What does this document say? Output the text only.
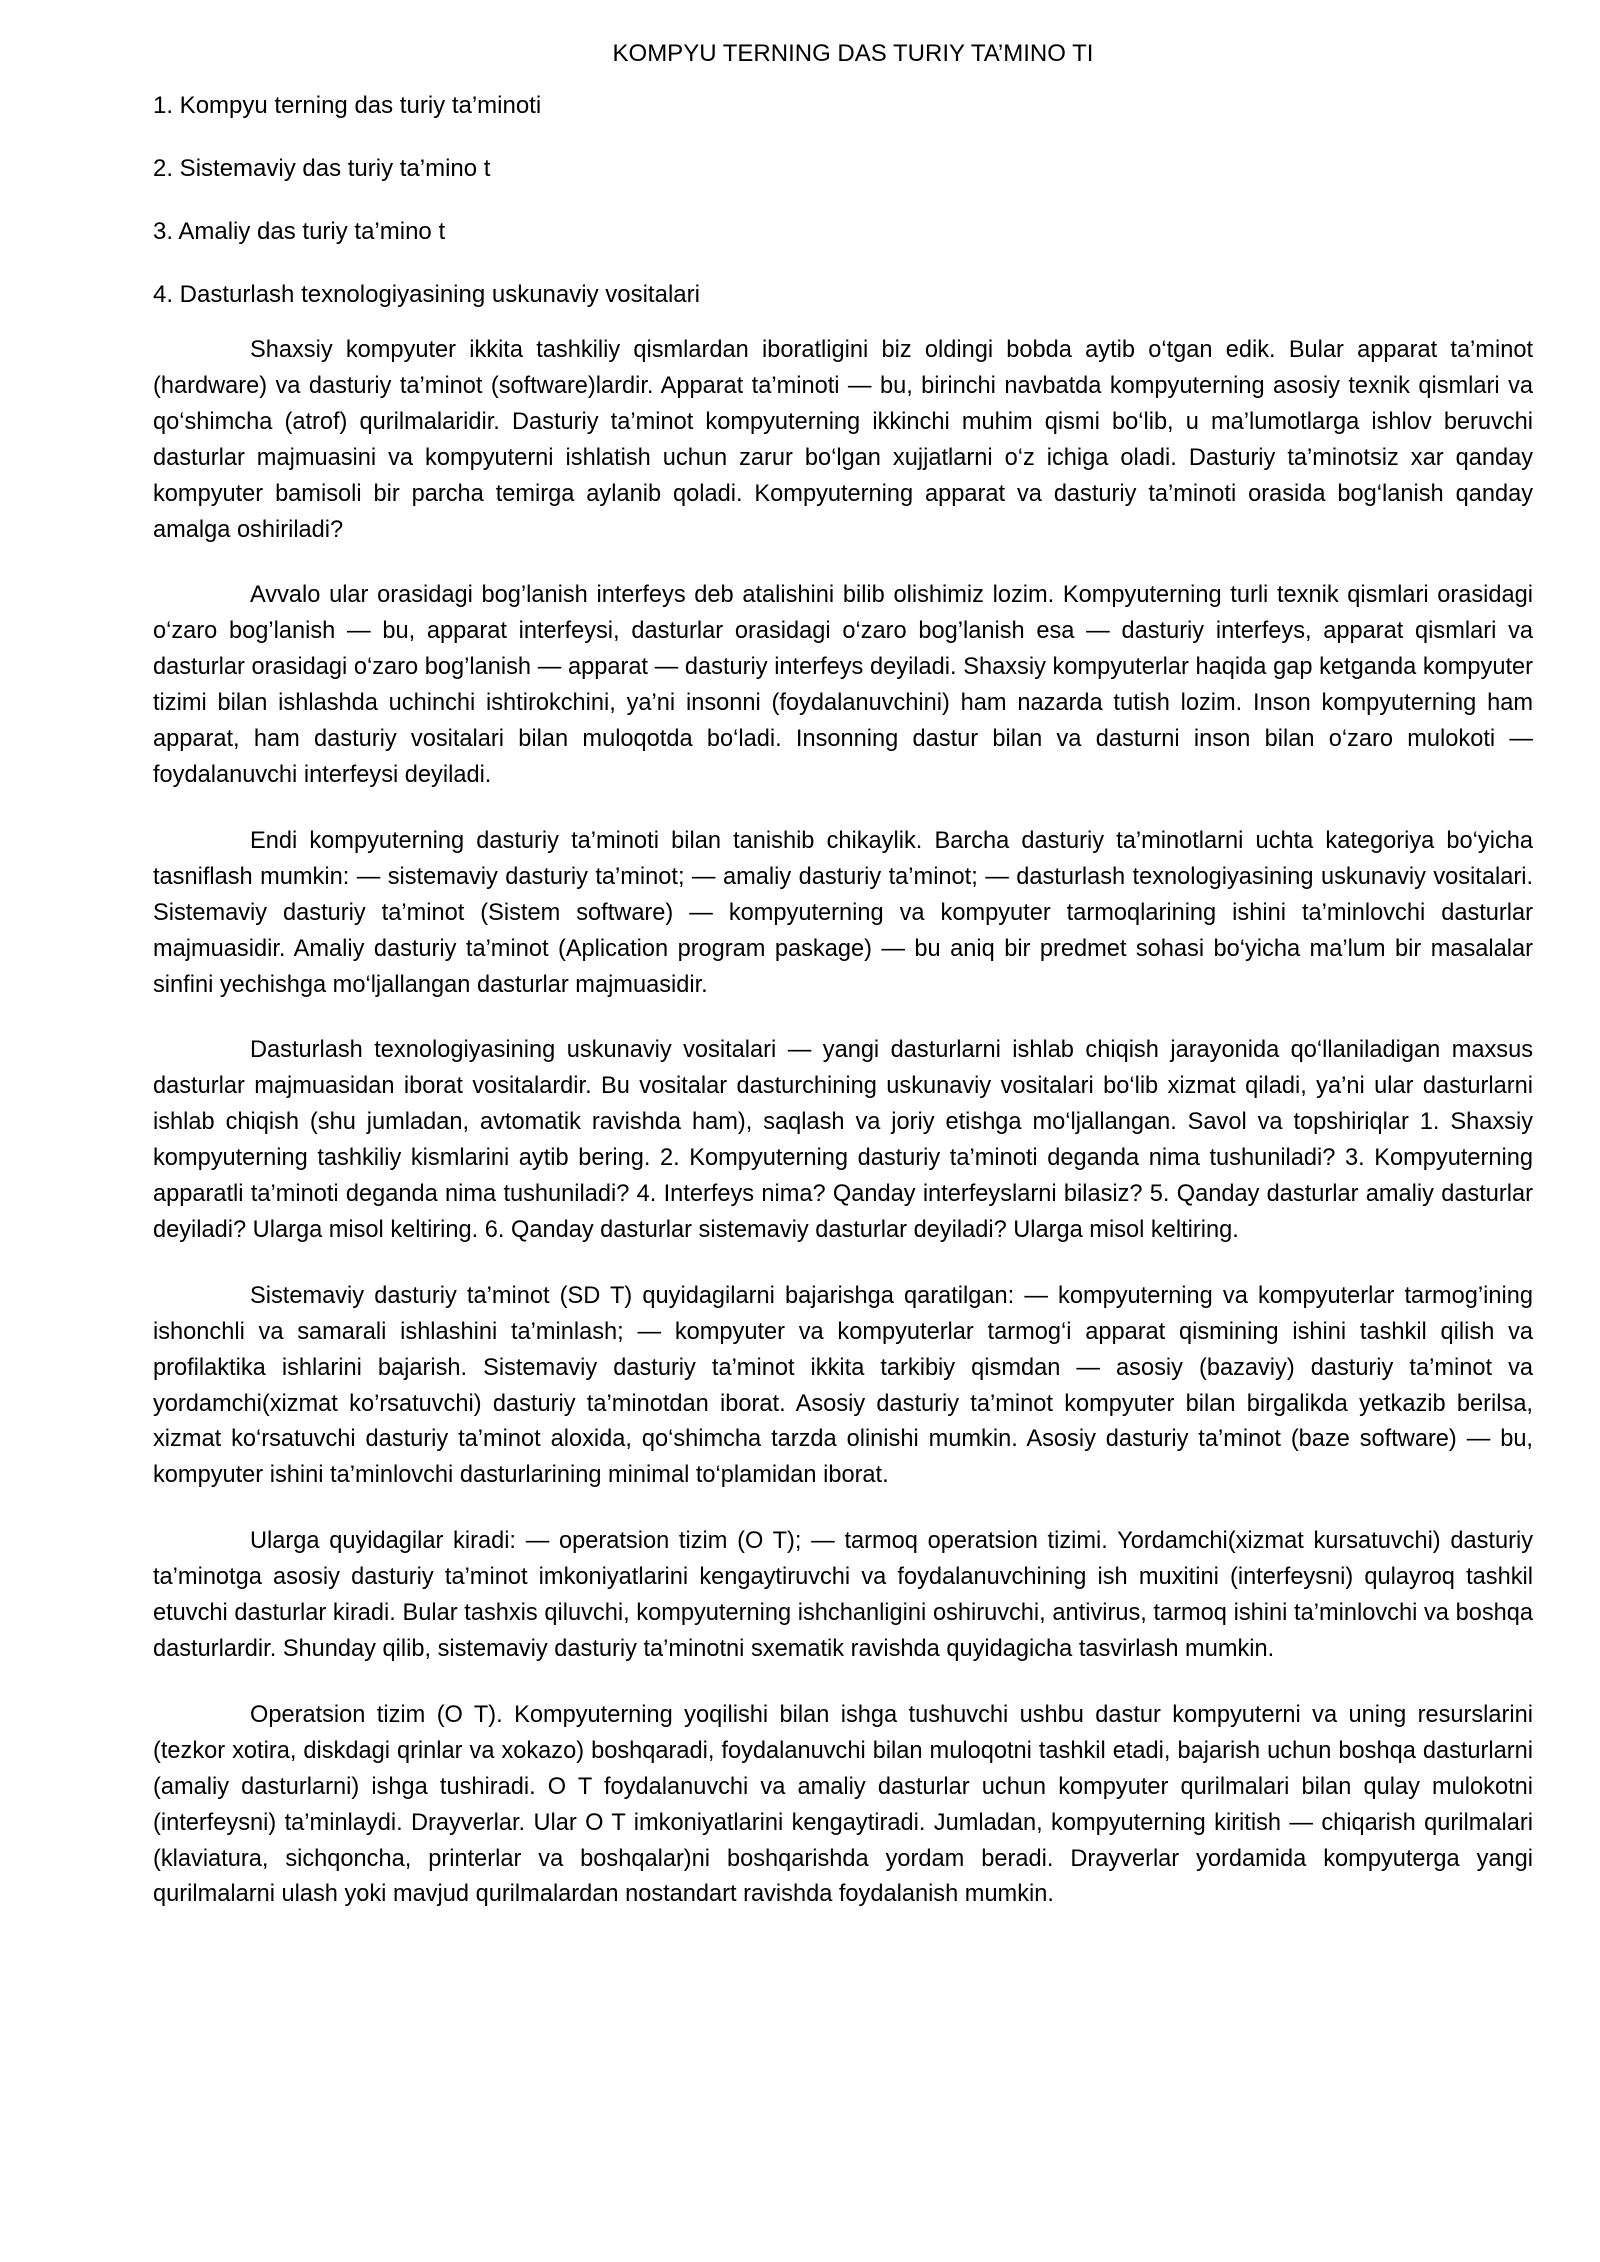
KOMPYU TERNING DAS TURIY TA’MINO TI
1. Kompyu terning das turiy ta’minoti
2. Sistemaviy das turiy ta’mino t
3. Amaliy das turiy ta’mino t
4. Dasturlash texnologiyasining uskunaviy vositalari

Shaxsiy kompyuter ikkita tashkiliy qismlardan iboratligini biz oldingi bobda aytib o‘tgan edik. Bular apparat ta’minot (hardware) va dasturiy ta’minot (software)lardir. Apparat ta’minoti — bu, birinchi navbatda kompyuterning asosiy texnik qismlari va qo‘shimcha (atrof) qurilmalaridir. Dasturiy ta’minot kompyuterning ikkinchi muhim qismi bo‘lib, u ma’lumotlarga ishlov beruvchi dasturlar majmuasini va kompyuterni ishlatish uchun zarur bo‘lgan xujjatlarni o‘z ichiga oladi. Dasturiy ta’minotsiz xar qanday kompyuter bamisoli bir parcha temirga aylanib qoladi. Kompyuterning apparat va dasturiy ta’minoti orasida bog‘lanish qanday amalga oshiriladi?

Avvalo ular orasidagi bog’lanish interfeys deb atalishini bilib olishimiz lozim. Kompyuterning turli texnik qismlari orasidagi o‘zaro bog’lanish — bu, apparat interfeysi, dasturlar orasidagi o‘zaro bog’lanish esa — dasturiy interfeys, apparat qismlari va dasturlar orasidagi o‘zaro bog’lanish — apparat — dasturiy interfeys deyiladi. Shaxsiy kompyuterlar haqida gap ketganda kompyuter tizimi bilan ishlashda uchinchi ishtirokchini, ya’ni insonni (foydalanuvchini) ham nazarda tutish lozim. Inson kompyuterning ham apparat, ham dasturiy vositalari bilan muloqotda bo‘ladi. Insonning dastur bilan va dasturni inson bilan o‘zaro mulokoti — foydalanuvchi interfeysi deyiladi.

Endi kompyuterning dasturiy ta’minoti bilan tanishib chikaylik. Barcha dasturiy ta’minotlarni uchta kategoriya bo‘yicha tasniflash mumkin: — sistemaviy dasturiy ta’minot; — amaliy dasturiy ta’minot; — dasturlash texnologiyasining uskunaviy vositalari. Sistemaviy dasturiy ta’minot (Sistem software) — kompyuterning va kompyuter tarmoqlarining ishini ta’minlovchi dasturlar majmuasidir. Amaliy dasturiy ta’minot (Aplication program paskage) — bu aniq bir predmet sohasi bo‘yicha ma’lum bir masalalar sinfini yechishga mo‘ljallangan dasturlar majmuasidir.

Dasturlash texnologiyasining uskunaviy vositalari — yangi dasturlarni ishlab chiqish jarayonida qo‘llaniladigan maxsus dasturlar majmuasidan iborat vositalardir. Bu vositalar dasturchining uskunaviy vositalari bo‘lib xizmat qiladi, ya’ni ular dasturlarni ishlab chiqish (shu jumladan, avtomatik ravishda ham), saqlash va joriy etishga mo‘ljallangan. Savol va topshiriqlar 1. Shaxsiy kompyuterning tashkiliy kismlarini aytib bering. 2. Kompyuterning dasturiy ta’minoti deganda nima tushuniladi? 3. Kompyuterning apparatli ta’minoti deganda nima tushuniladi? 4. Interfeys nima? Qanday interfeyslarni bilasiz? 5. Qanday dasturlar amaliy dasturlar deyiladi? Ularga misol keltiring. 6. Qanday dasturlar sistemaviy dasturlar deyiladi? Ularga misol keltiring.

Sistemaviy dasturiy ta’minot (SD T) quyidagilarni bajarishga qaratilgan: — kompyuterning va kompyuterlar tarmog’ining ishonchli va samarali ishlashini ta’minlash; — kompyuter va kompyuterlar tarmog‘i apparat qismining ishini tashkil qilish va profilaktika ishlarini bajarish. Sistemaviy dasturiy ta’minot ikkita tarkibiy qismdan — asosiy (bazaviy) dasturiy ta’minot va yordamchi(xizmat ko’rsatuvchi) dasturiy ta’minotdan iborat. Asosiy dasturiy ta’minot kompyuter bilan birgalikda yetkazib berilsa, xizmat ko‘rsatuvchi dasturiy ta’minot aloxida, qo‘shimcha tarzda olinishi mumkin. Asosiy dasturiy ta’minot (baze software) — bu, kompyuter ishini ta’minlovchi dasturlarining minimal to‘plamidan iborat.

Ularga quyidagilar kiradi: — operatsion tizim (O T); — tarmoq operatsion tizimi. Yordamchi(xizmat kursatuvchi) dasturiy ta’minotga asosiy dasturiy ta’minot imkoniyatlarini kengaytiruvchi va foydalanuvchining ish muxitini (interfeysni) qulayroq tashkil etuvchi dasturlar kiradi. Bular tashxis qiluvchi, kompyuterning ishchanligini oshiruvchi, antivirus, tarmoq ishini ta’minlovchi va boshqa dasturlardir. Shunday qilib, sistemaviy dasturiy ta’minotni sxematik ravishda quyidagicha tasvirlash mumkin.

Operatsion tizim (O T). Kompyuterning yoqilishi bilan ishga tushuvchi ushbu dastur kompyuterni va uning resurslarini (tezkor xotira, diskdagi qrinlar va xokazo) boshqaradi, foydalanuvchi bilan muloqotni tashkil etadi, bajarish uchun boshqa dasturlarni (amaliy dasturlarni) ishga tushiradi. O T foydalanuvchi va amaliy dasturlar uchun kompyuter qurilmalari bilan qulay mulokotni (interfeysni) ta’minlaydi. Drayverlar. Ular O T imkoniyatlarini kengaytiradi. Jumladan, kompyuterning kiritish — chiqarish qurilmalari (klaviatura, sichqoncha, printerlar va boshqalar)ni boshqarishda yordam beradi. Drayverlar yordamida kompyuterga yangi qurilmalarni ulash yoki mavjud qurilmalardan nostandart ravishda foydalanish mumkin.
